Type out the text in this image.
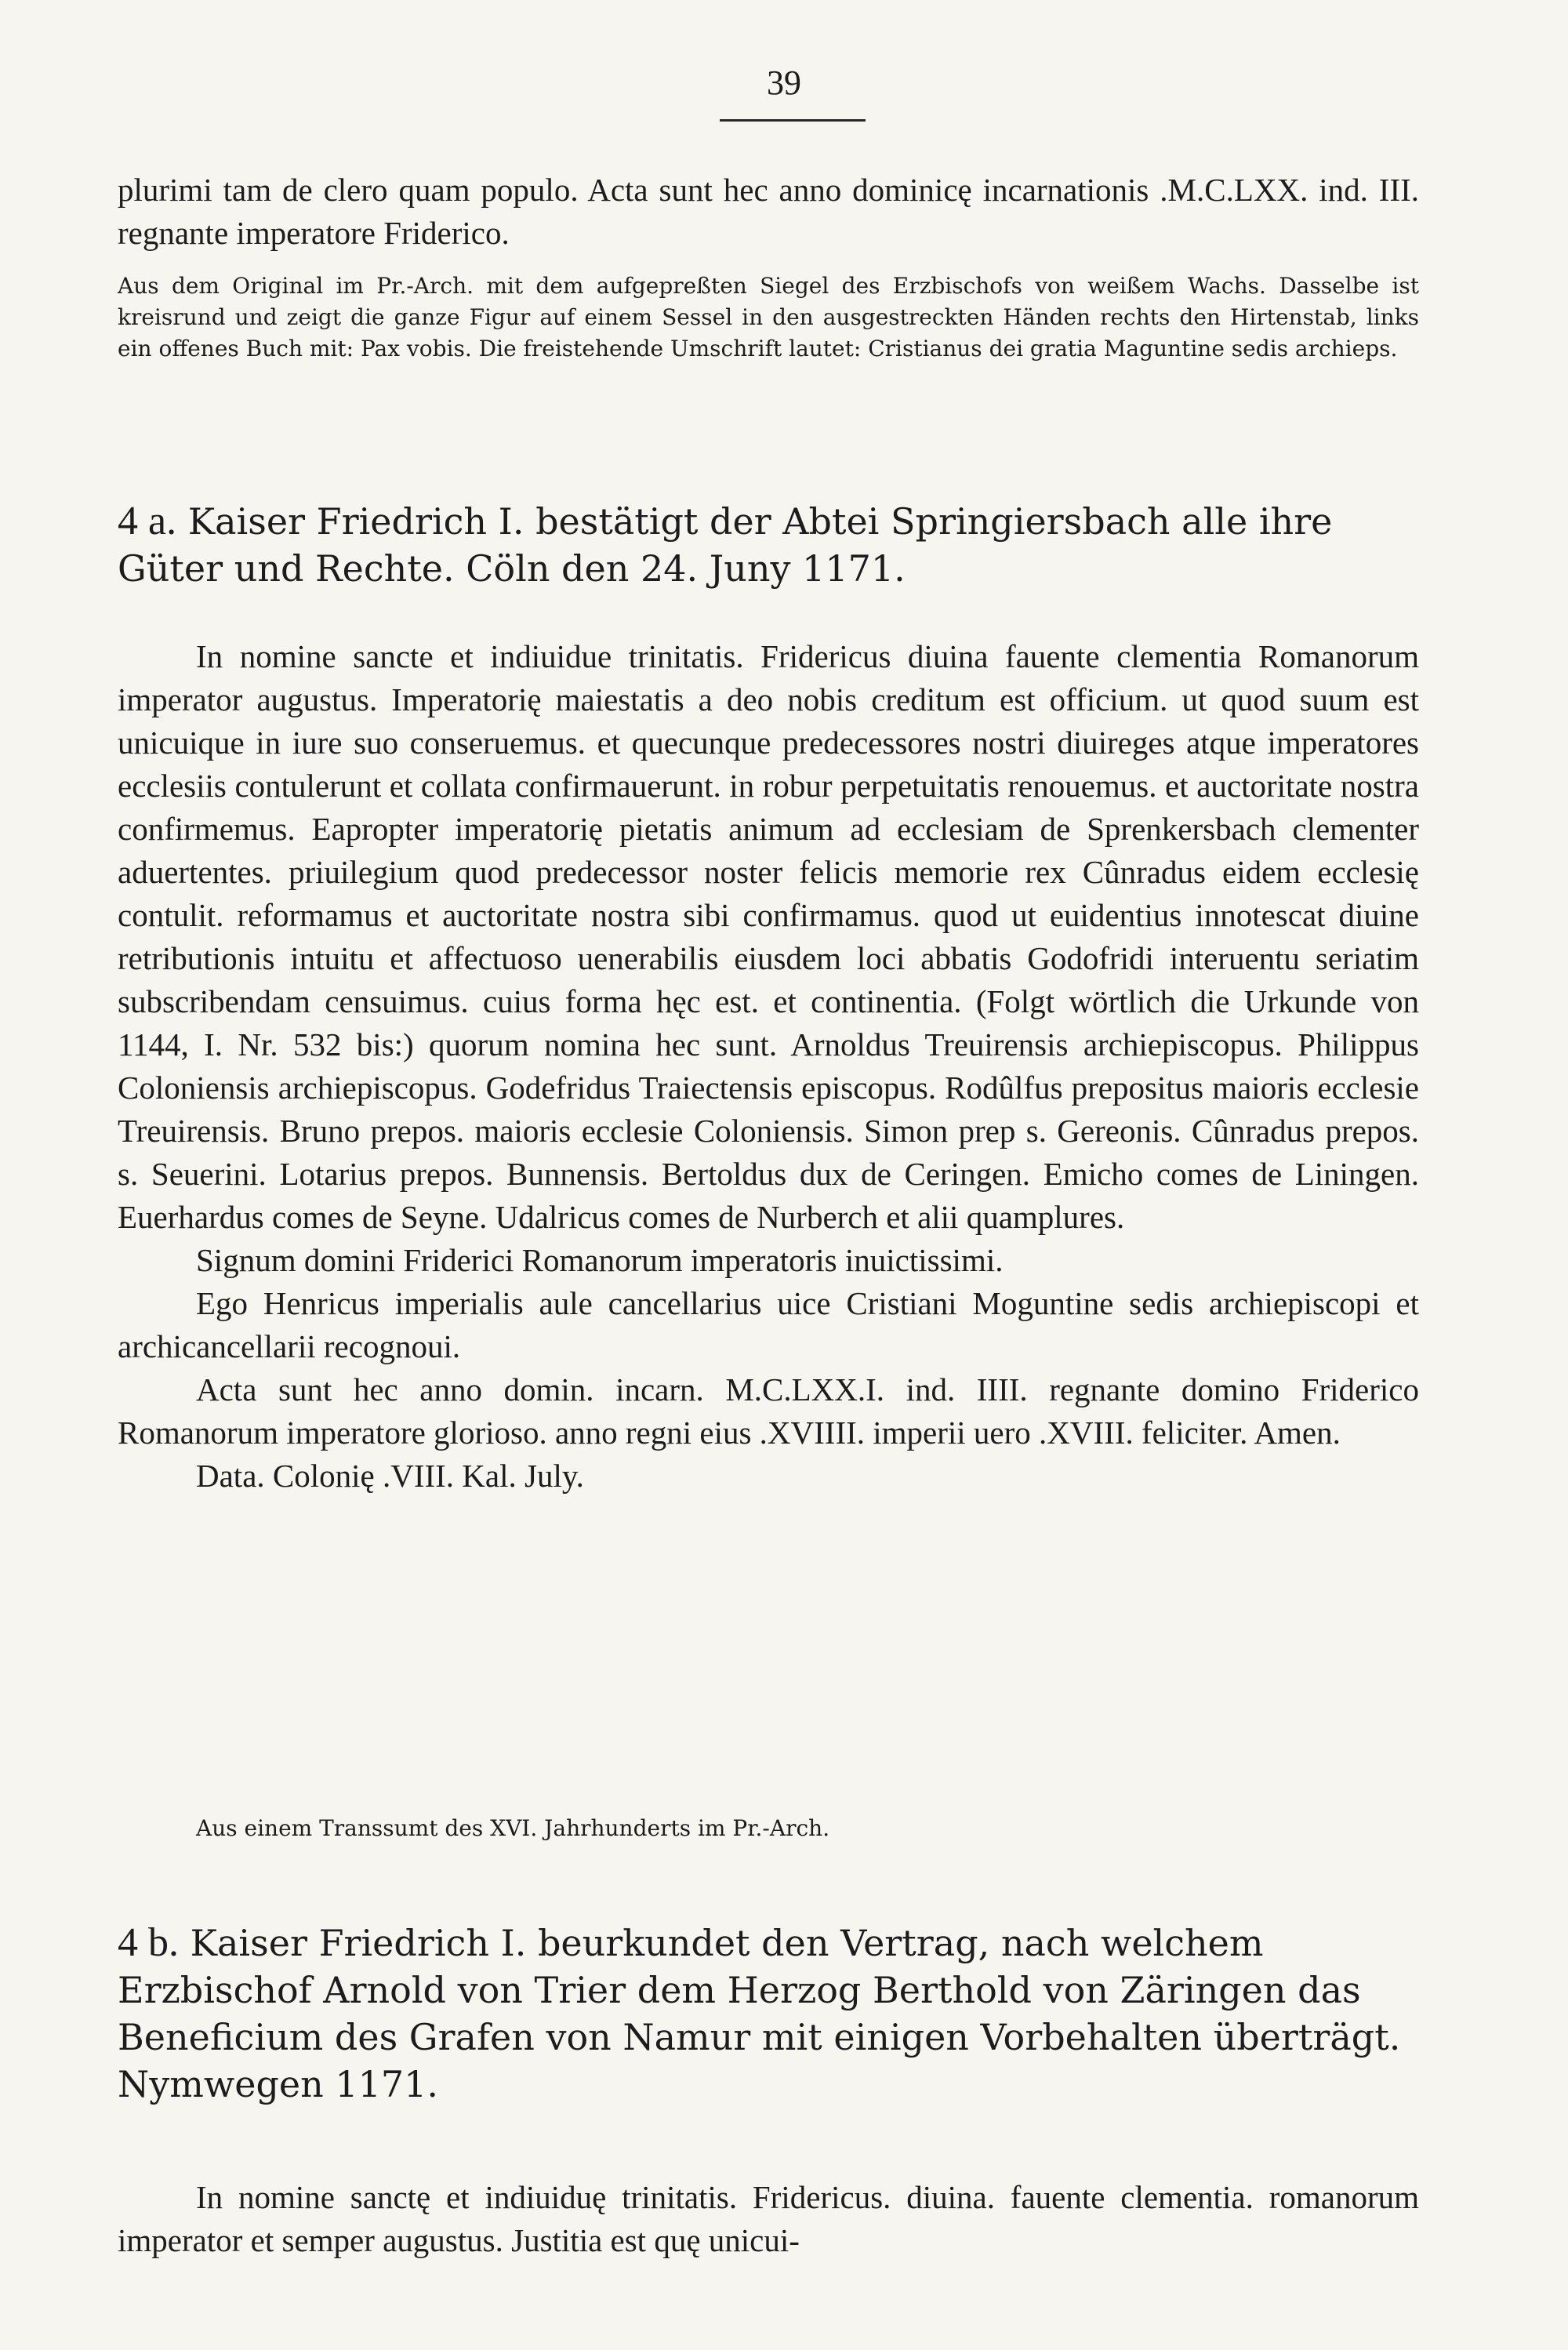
39

plurimi tam de clero quam populo. Acta sunt hec anno dominicę incarnationis .M.C.LXX. ind. III. regnante imperatore Friderico.

Aus dem Original im Pr.-Arch. mit dem aufgepreßten Siegel des Erzbischofs von weißem Wachs. Dasselbe ist kreisrund und zeigt die ganze Figur auf einem Sessel in den ausgestreckten Händen rechts den Hirtenstab, links ein offenes Buch mit: Pax vobis. Die freistehende Umschrift lautet: Cristianus dei gratia Maguntine sedis archieps.

4 a. Kaiser Friedrich I. bestätigt der Abtei Springiersbach alle ihre Güter und Rechte. Cöln den 24. Juny 1171.

In nomine sancte et indiuidue trinitatis. Fridericus diuina fauente clementia Romanorum imperator augustus. Imperatorię maiestatis a deo nobis creditum est officium. ut quod suum est unicuique in iure suo conseruemus. et quecunque predecessores nostri diuireges atque imperatores ecclesiis contulerunt et collata confirmauerunt. in robur perpetuitatis renouemus. et auctoritate nostra confirmemus. Eapropter imperatorię pietatis animum ad ecclesiam de Sprenkersbach clementer aduertentes. priuilegium quod predecessor noster felicis memorie rex Cûnradus eidem ecclesię contulit. reformamus et auctoritate nostra sibi confirmamus. quod ut euidentius innotescat diuine retributionis intuitu et affectuoso uenerabilis eiusdem loci abbatis Godofridi interuentu seriatim subscribendam censuimus. cuius forma hęc est. et continentia. (Folgt wörtlich die Urkunde von 1144, I. Nr. 532 bis:) quorum nomina hec sunt. Arnoldus Treuirensis archiepiscopus. Philippus Coloniensis archiepiscopus. Godefridus Traiectensis episcopus. Rodûlfus prepositus maioris ecclesie Treuirensis. Bruno prepos. maioris ecclesie Coloniensis. Simon prep s. Gereonis. Cûnradus prepos. s. Seuerini. Lotarius prepos. Bunnensis. Bertoldus dux de Ceringen. Emicho comes de Liningen. Euerhardus comes de Seyne. Udalricus comes de Nurberch et alii quamplures.

Signum domini Friderici Romanorum imperatoris inuictissimi.

Ego Henricus imperialis aule cancellarius uice Cristiani Moguntine sedis archiepiscopi et archicancellarii recognoui.

Acta sunt hec anno domin. incarn. M.C.LXX.I. ind. IIII. regnante domino Friderico Romanorum imperatore glorioso. anno regni eius .XVIIII. imperii uero .XVIII. feliciter. Amen.

Data. Colonię .VIII. Kal. July.

Aus einem Transsumt des XVI. Jahrhunderts im Pr.-Arch.

4 b. Kaiser Friedrich I. beurkundet den Vertrag, nach welchem Erzbischof Arnold von Trier dem Herzog Berthold von Zäringen das Beneficium des Grafen von Namur mit einigen Vorbehalten überträgt. Nymwegen 1171.

In nomine sanctę et indiuiduę trinitatis. Fridericus. diuina. fauente clementia. romanorum imperator et semper augustus. Justitia est quę unicui-
